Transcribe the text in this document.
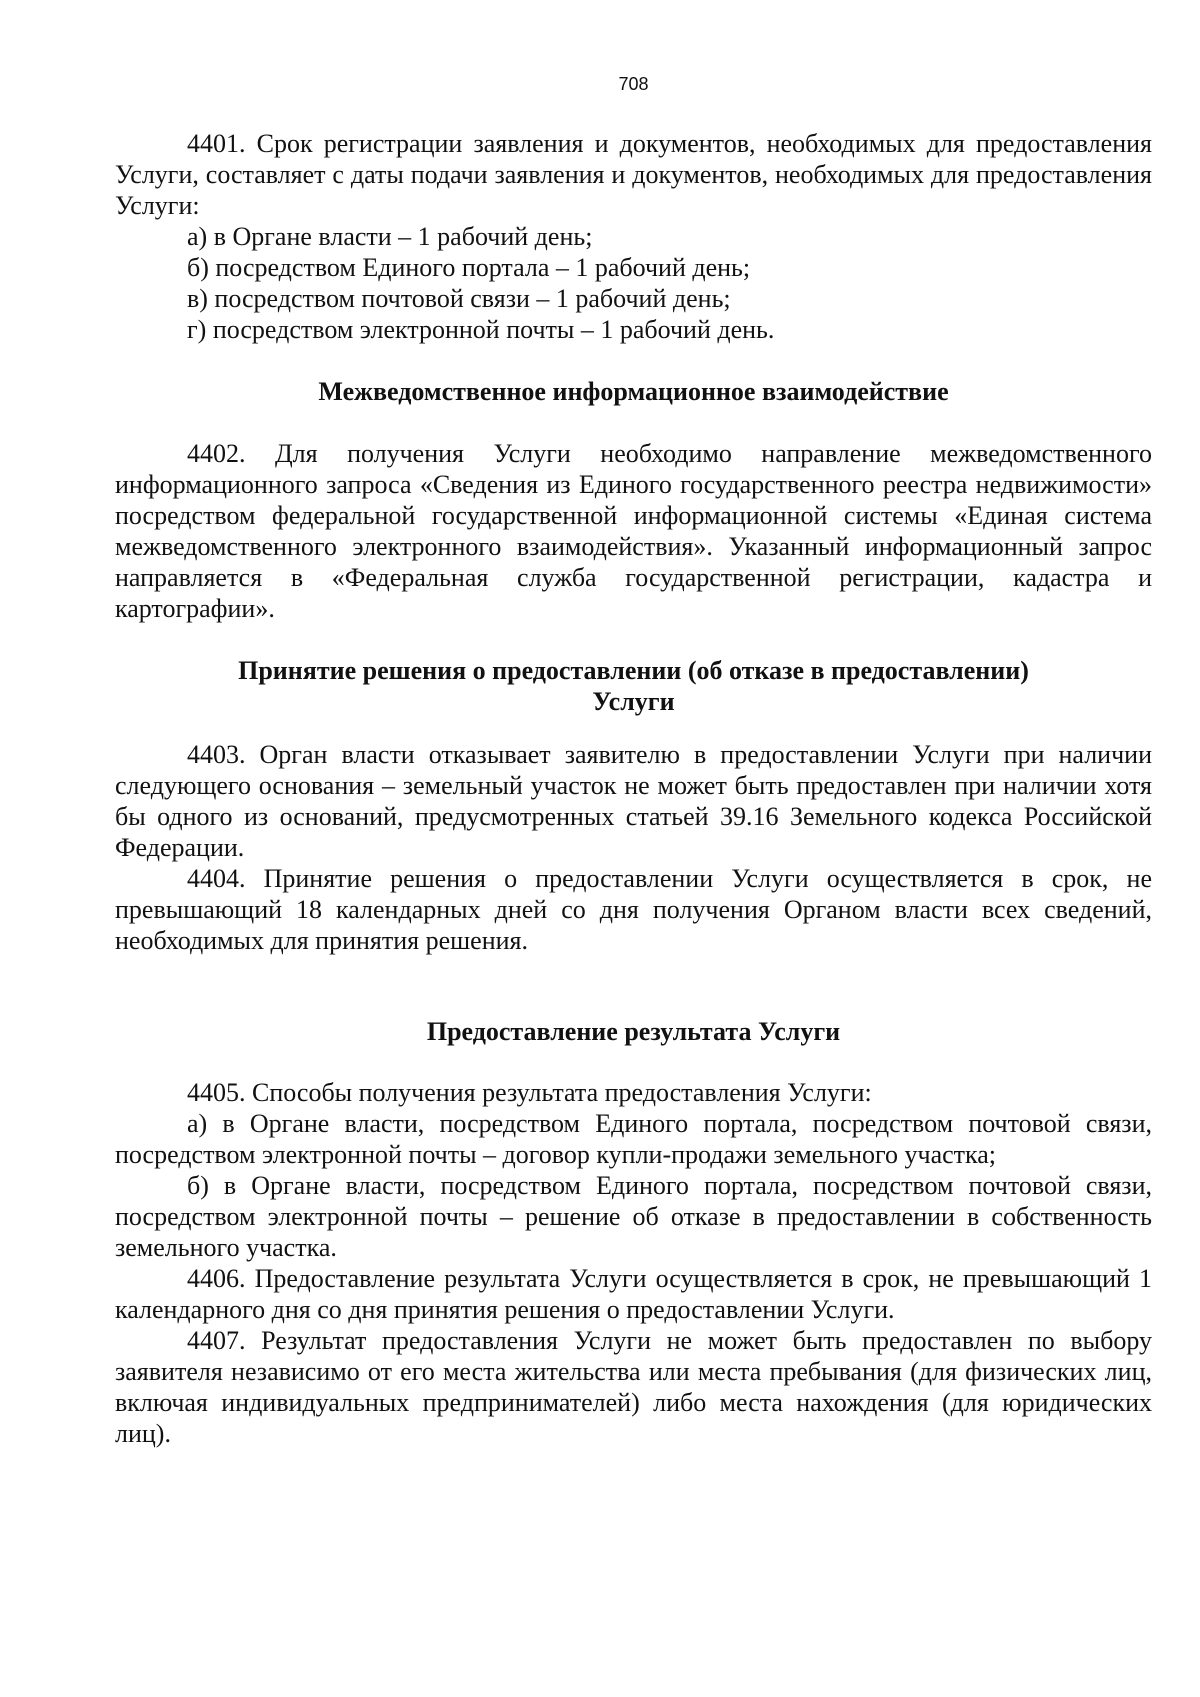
708

4401. Срок регистрации заявления и документов, необходимых для предоставления Услуги, составляет с даты подачи заявления и документов, необходимых для предоставления Услуги:

а) в Органе власти – 1 рабочий день;

б) посредством Единого портала – 1 рабочий день;

в) посредством почтовой связи – 1 рабочий день;

г) посредством электронной почты – 1 рабочий день.

Межведомственное информационное взаимодействие

4402. Для получения Услуги необходимо направление межведомственного информационного запроса «Сведения из Единого государственного реестра недвижимости» посредством федеральной государственной информационной системы «Единая система межведомственного электронного взаимодействия». Указанный информационный запрос направляется в «Федеральная служба государственной регистрации, кадастра и картографии».

Принятие решения о предоставлении (об отказе в предоставлении)
Услуги

4403. Орган власти отказывает заявителю в предоставлении Услуги при наличии следующего основания – земельный участок не может быть предоставлен при наличии хотя бы одного из оснований, предусмотренных статьей 39.16 Земельного кодекса Российской Федерации.

4404. Принятие решения о предоставлении Услуги осуществляется в срок, не превышающий 18 календарных дней со дня получения Органом власти всех сведений, необходимых для принятия решения.

Предоставление результата Услуги

4405. Способы получения результата предоставления Услуги:

а) в Органе власти, посредством Единого портала, посредством почтовой связи, посредством электронной почты – договор купли-продажи земельного участка;

б) в Органе власти, посредством Единого портала, посредством почтовой связи, посредством электронной почты – решение об отказе в предоставлении в собственность земельного участка.

4406. Предоставление результата Услуги осуществляется в срок, не превышающий 1 календарного дня со дня принятия решения о предоставлении Услуги.

4407. Результат предоставления Услуги не может быть предоставлен по выбору заявителя независимо от его места жительства или места пребывания (для физических лиц, включая индивидуальных предпринимателей) либо места нахождения (для юридических лиц).
